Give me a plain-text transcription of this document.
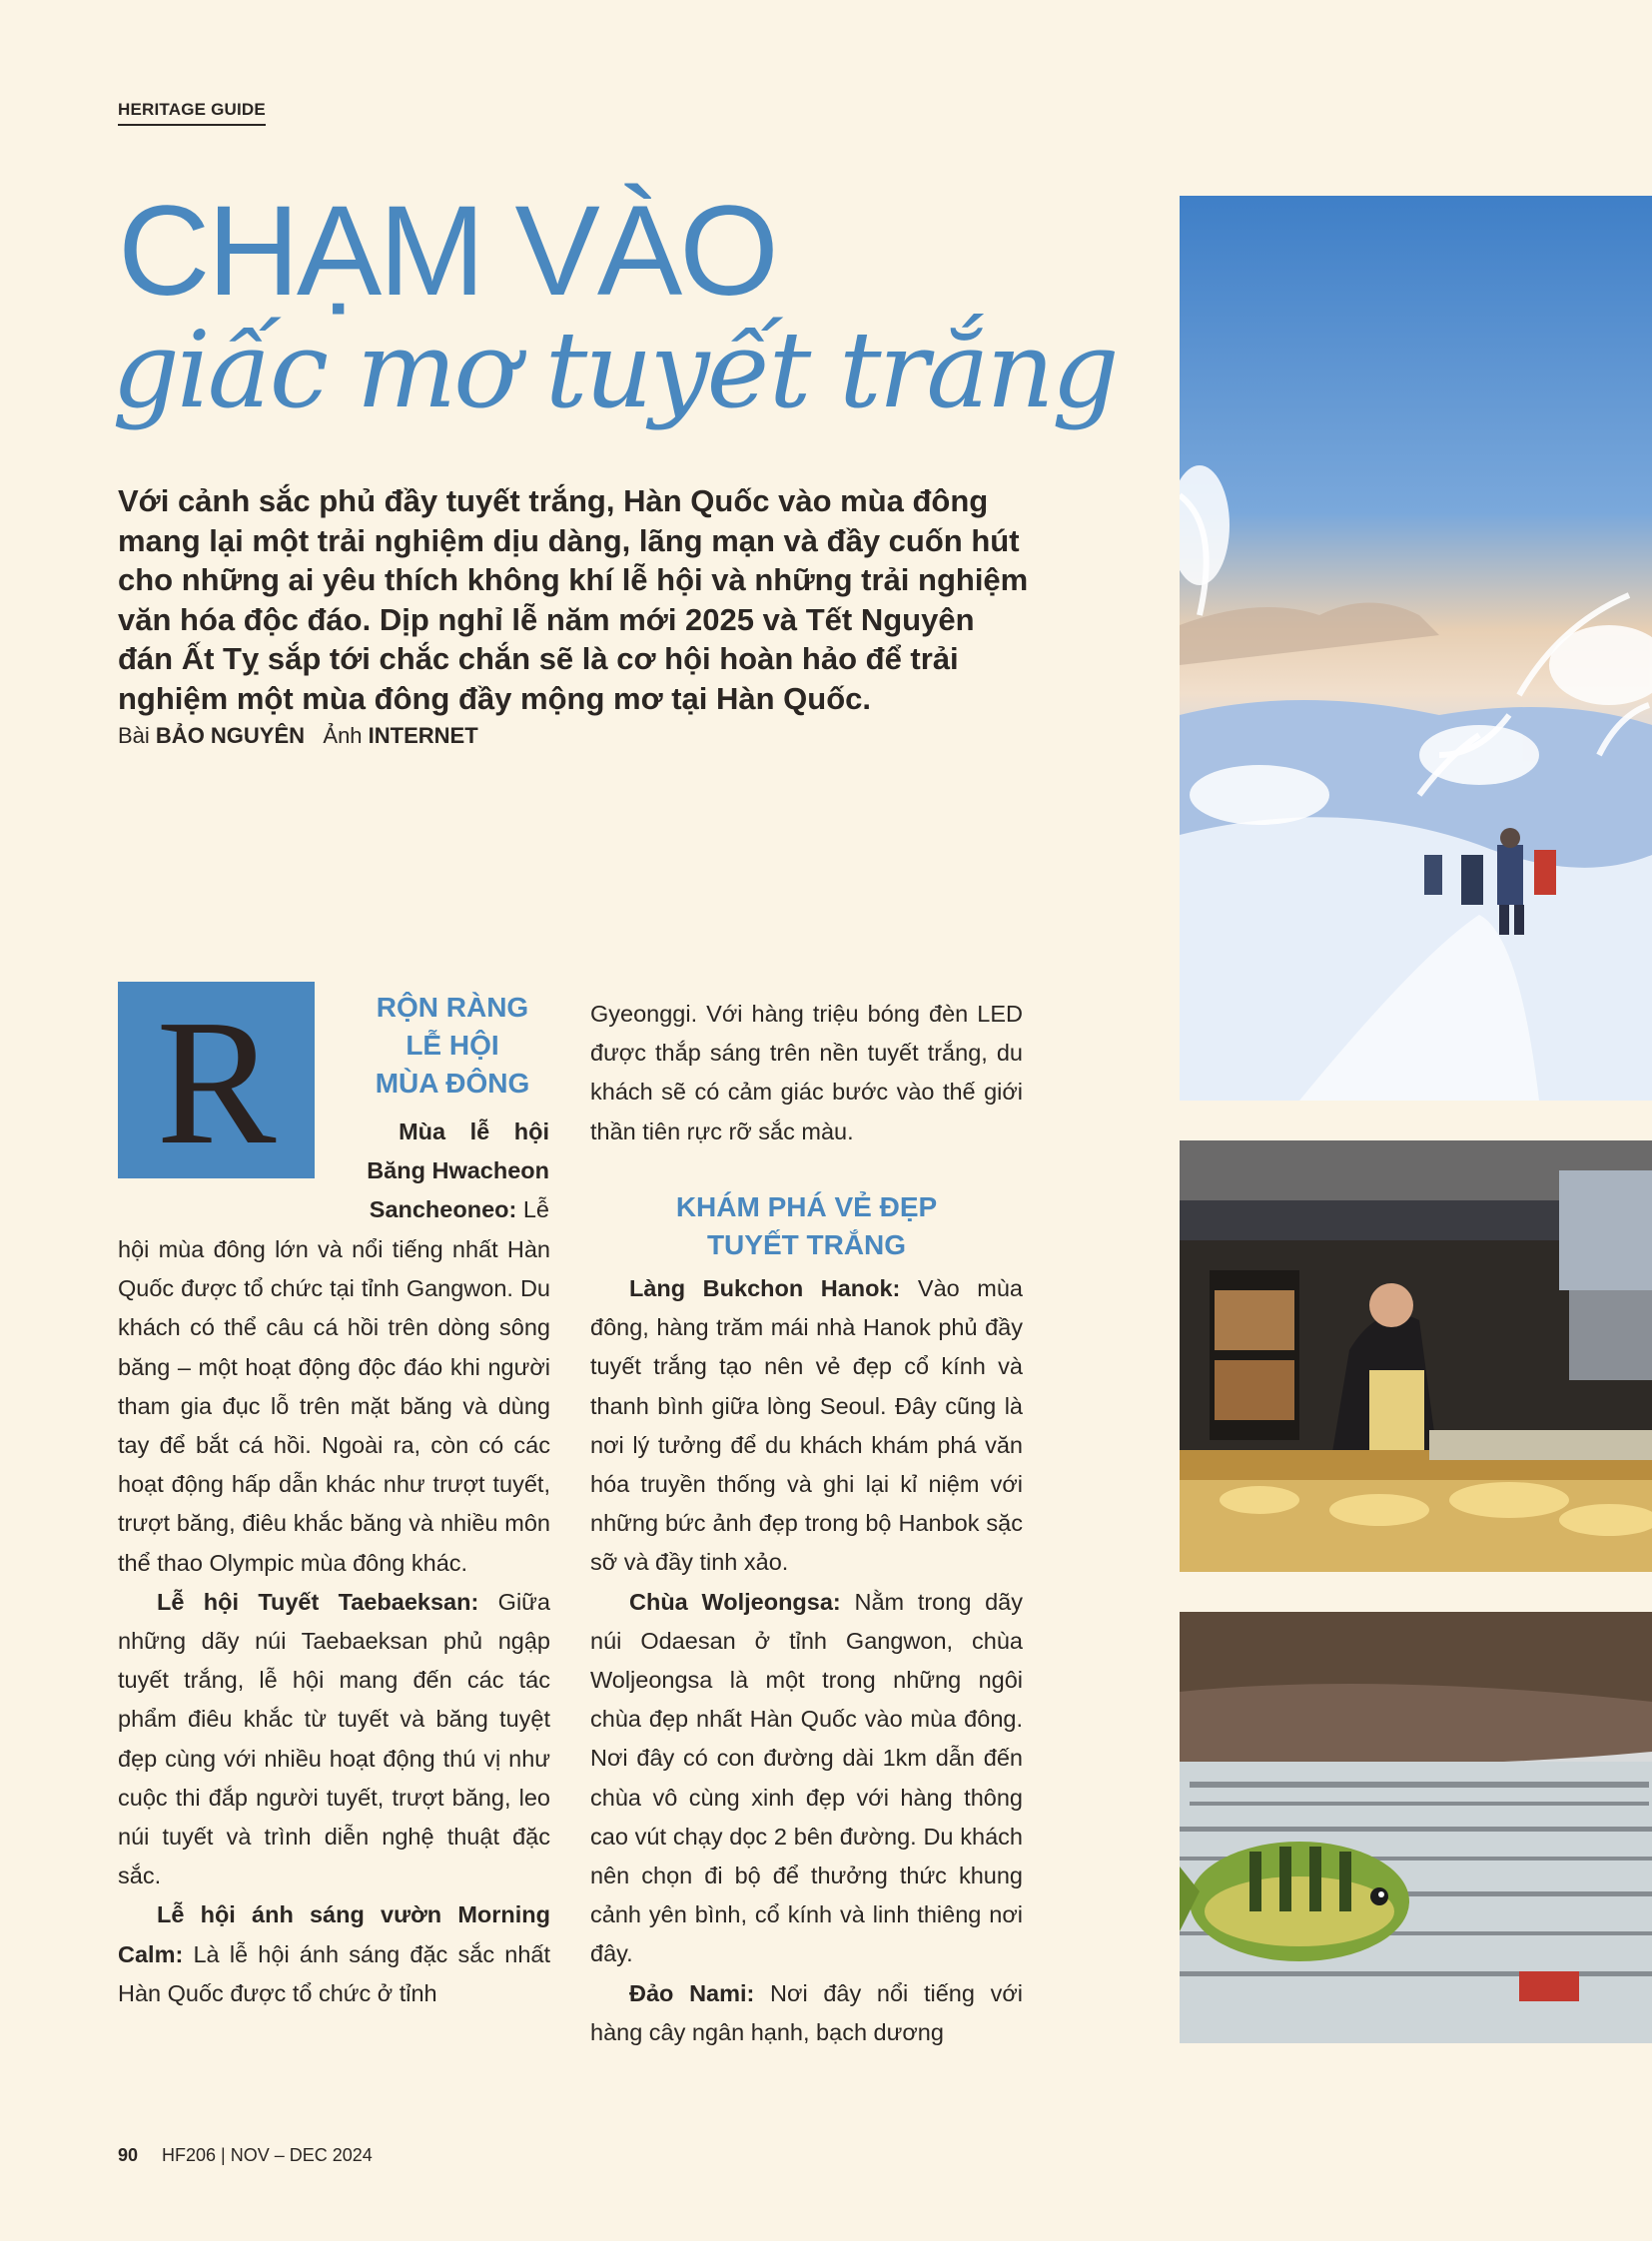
HERITAGE GUIDE
CHẠM VÀO
giấc mơ tuyết trắng
Với cảnh sắc phủ đầy tuyết trắng, Hàn Quốc vào mùa đông mang lại một trải nghiệm dịu dàng, lãng mạn và đầy cuốn hút cho những ai yêu thích không khí lễ hội và những trải nghiệm văn hóa độc đáo. Dịp nghỉ lễ năm mới 2025 và Tết Nguyên đán Ất Tỵ sắp tới chắc chắn sẽ là cơ hội hoàn hảo để trải nghiệm một mùa đông đầy mộng mơ tại Hàn Quốc.
Bài BẢO NGUYÊN Ảnh INTERNET
R	RỘN RÀNG
LỄ HỘI
MÙA ĐÔNG

Mùa lễ hội

Băng Hwacheon

Sancheoneo: Lễ

hội mùa đông lớn và nổi tiếng nhất Hàn Quốc được tổ chức tại tỉnh Gangwon. Du khách có thể câu cá hồi trên dòng sông băng – một hoạt động độc đáo khi người tham gia đục lỗ trên mặt băng và dùng tay để bắt cá hồi. Ngoài ra, còn có các hoạt động hấp dẫn khác như trượt tuyết, trượt băng, điêu khắc băng và nhiều môn thể thao Olympic mùa đông khác.

Lễ hội Tuyết Taebaeksan: Giữa những dãy núi Taebaeksan phủ ngập tuyết trắng, lễ hội mang đến các tác phẩm điêu khắc từ tuyết và băng tuyệt đẹp cùng với nhiều hoạt động thú vị như cuộc thi đắp người tuyết, trượt băng, leo núi tuyết và trình diễn nghệ thuật đặc sắc.

Lễ hội ánh sáng vườn Morning Calm: Là lễ hội ánh sáng đặc sắc nhất Hàn Quốc được tổ chức ở tỉnh

Gyeonggi. Với hàng triệu bóng đèn LED được thắp sáng trên nền tuyết trắng, du khách sẽ có cảm giác bước vào thế giới thần tiên rực rỡ sắc màu.

KHÁM PHÁ VẺ ĐẸP
TUYẾT TRẮNG

Làng Bukchon Hanok: Vào mùa đông, hàng trăm mái nhà Hanok phủ đầy tuyết trắng tạo nên vẻ đẹp cổ kính và thanh bình giữa lòng Seoul. Đây cũng là nơi lý tưởng để du khách khám phá văn hóa truyền thống và ghi lại kỉ niệm với những bức ảnh đẹp trong bộ Hanbok sặc sỡ và đầy tinh xảo.

Chùa Woljeongsa: Nằm trong dãy núi Odaesan ở tỉnh Gangwon, chùa Woljeongsa là một trong những ngôi chùa đẹp nhất Hàn Quốc vào mùa đông. Nơi đây có con đường dài 1km dẫn đến chùa vô cùng xinh đẹp với hàng thông cao vút chạy dọc 2 bên đường. Du khách nên chọn đi bộ để thưởng thức khung cảnh yên bình, cổ kính và linh thiêng nơi đây.

Đảo Nami: Nơi đây nổi tiếng với hàng cây ngân hạnh, bạch dương

90 HF206 | NOV – DEC 2024
